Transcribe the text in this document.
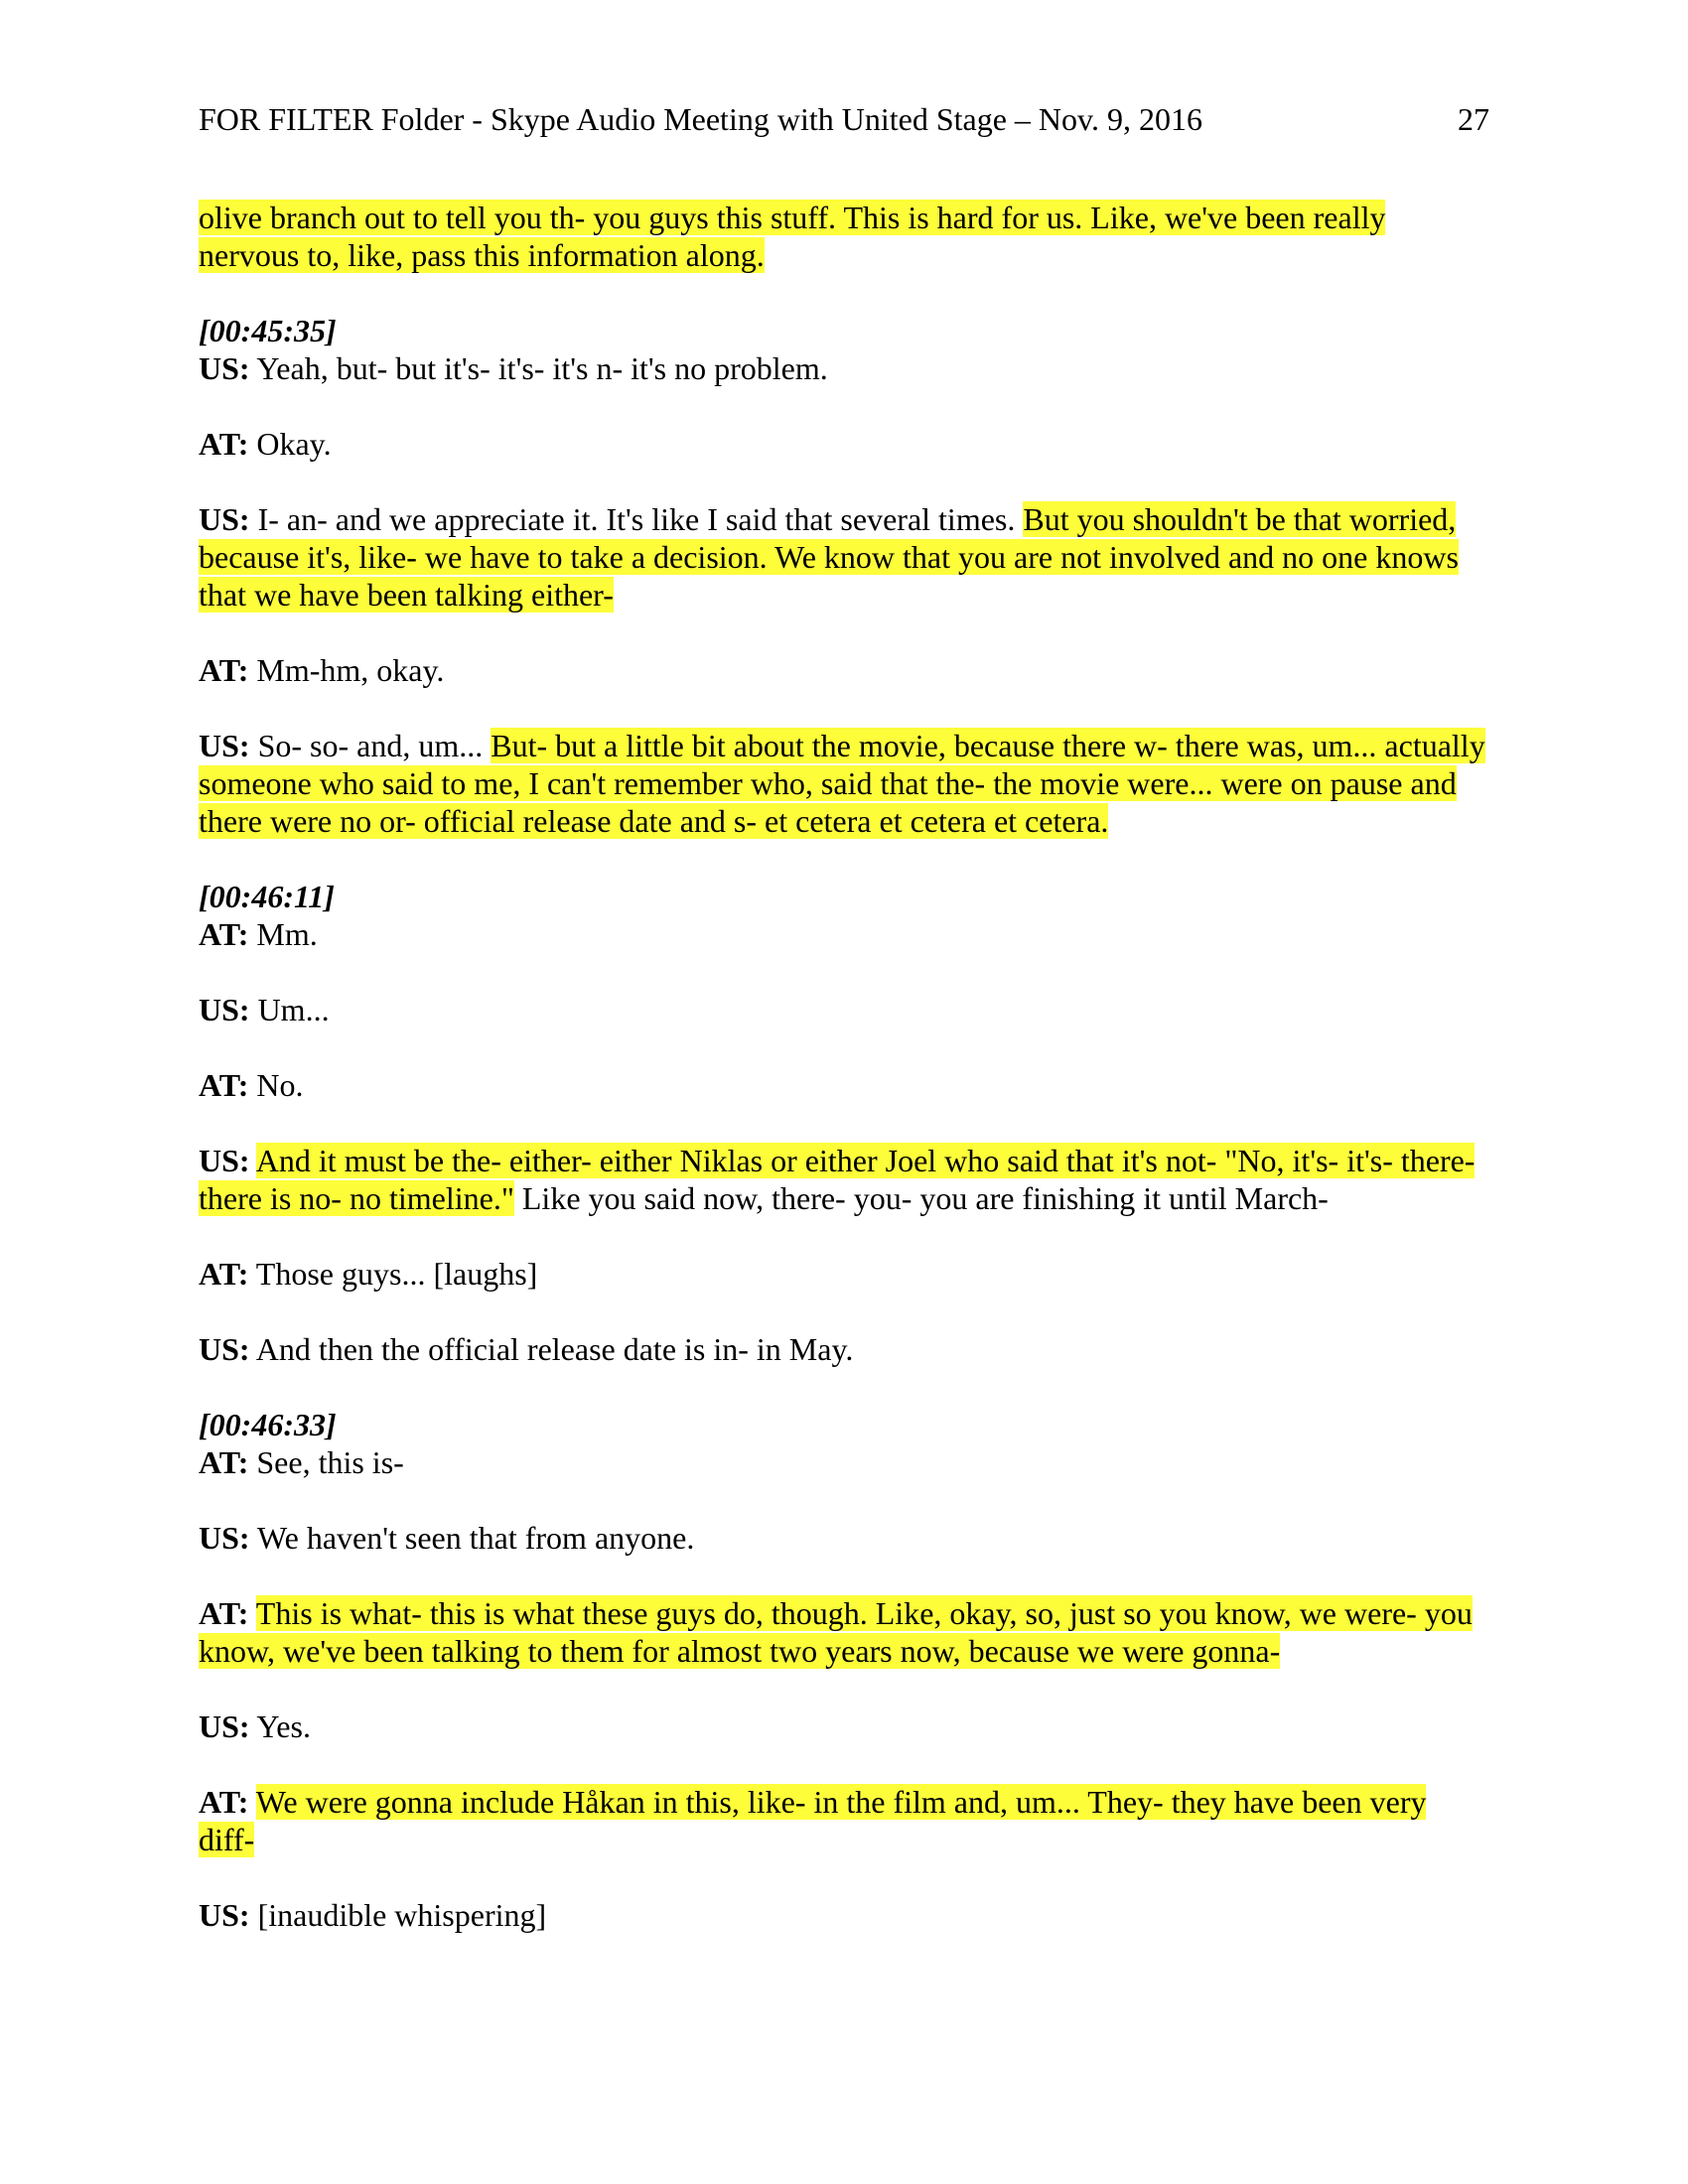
FOR FILTER Folder - Skype Audio Meeting with United Stage – Nov. 9, 2016	27

olive branch out to tell you th- you guys this stuff. This is hard for us. Like, we've been really nervous to, like, pass this information along.

[00:45:35]
US: Yeah, but- but it's- it's- it's n- it's no problem.

AT: Okay.

US: I- an- and we appreciate it. It's like I said that several times. But you shouldn't be that worried, because it's, like- we have to take a decision. We know that you are not involved and no one knows that we have been talking either-

AT: Mm-hm, okay.

US: So- so- and, um... But- but a little bit about the movie, because there w- there was, um... actually someone who said to me, I can't remember who, said that the- the movie were... were on pause and there were no or- official release date and s- et cetera et cetera et cetera.

[00:46:11]
AT: Mm.

US: Um...

AT: No.

US: And it must be the- either- either Niklas or either Joel who said that it's not- "No, it's- it's- there- there is no- no timeline." Like you said now, there- you- you are finishing it until March-

AT: Those guys... [laughs]

US: And then the official release date is in- in May.

[00:46:33]
AT: See, this is-

US: We haven't seen that from anyone.

AT: This is what- this is what these guys do, though. Like, okay, so, just so you know, we were- you know, we've been talking to them for almost two years now, because we were gonna-

US: Yes.

AT: We were gonna include Håkan in this, like- in the film and, um... They- they have been very diff-

US: [inaudible whispering]
